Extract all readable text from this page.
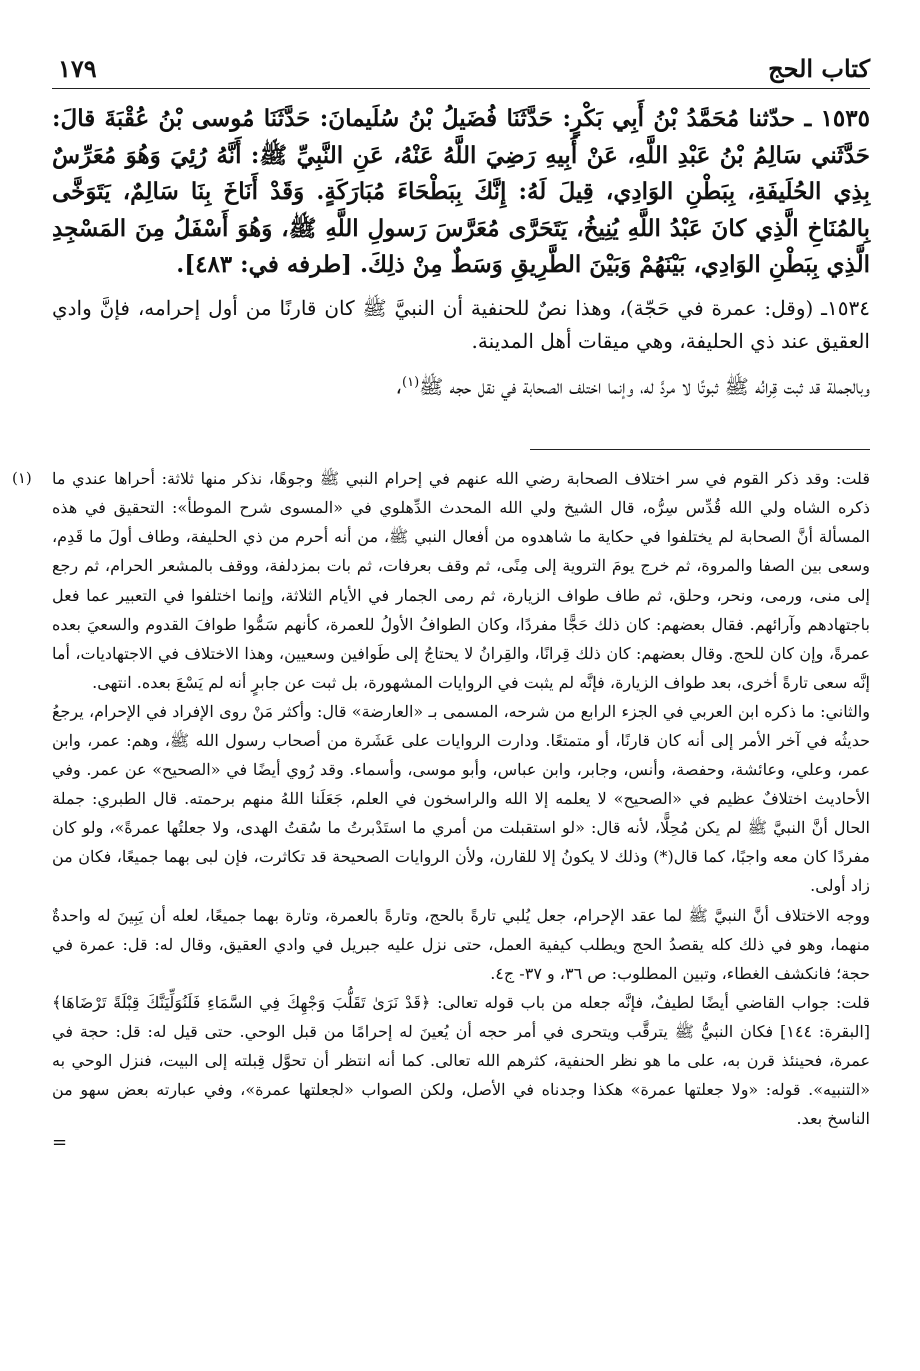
كتاب الحج
١٧٩

١٥٣٥ ـ حدّثنا مُحَمَّدُ بْنُ أَبِي بَكْرٍ: حَدَّثَنَا فُضَيلُ بْنُ سُلَيمانَ: حَدَّثَنَا مُوسى بْنُ عُقْبَةَ قالَ: حَدَّثَني سَالِمُ بْنُ عَبْدِ اللَّهِ، عَنْ أَبِيهِ رَضِيَ اللَّهُ عَنْهُ، عَنِ النَّبِيِّ ﷺ: أَنَّهُ رُئِيَ وَهُوَ مُعَرِّسٌ بِذِي الحُلَيفَةِ، بِبَطْنِ الوَادِي، قِيلَ لَهُ: إِنَّكَ بِبَطْحَاءَ مُبَارَكَةٍ. وَقَدْ أَنَاخَ بِنَا سَالِمٌ، يَتَوَخَّى بِالمُنَاخِ الَّذِي كانَ عَبْدُ اللَّهِ يُنِيخُ، يَتَحَرَّى مُعَرَّسَ رَسولِ اللَّهِ ﷺ، وَهُوَ أَسْفَلُ مِنَ المَسْجِدِ الَّذِي بِبَطْنِ الوَادِي، بَيْنَهُمْ وَبَيْنَ الطَّرِيقِ وَسَطٌ مِنْ ذلِكَ. [طرفه في: ٤٨٣].

١٥٣٤ـ (وقل: عمرة في حَجّة)، وهذا نصٌ للحنفية أن النبيَّ ﷺ كان قارنًا من أول إحرامه، فإنَّ وادي العقيق عند ذي الحليفة، وهي ميقات أهل المدينة.

وبالجملة قد ثبت قِرانُه ﷺ ثبوتًا لا مردَّ له، وإنما اختلف الصحابة في نقل حجه ﷺ$^{(١)}$،

(١) قلت: وقد ذكر القوم في سر اختلاف الصحابة رضي الله عنهم في إحرام النبي ﷺ وجوهًا، نذكر منها ثلاثة: أحراها عندي ما ذكره الشاه ولي الله قُدِّس سِرُّه، قال الشيخ ولي الله المحدث الدِّهلوي في «المسوى شرح الموطأ»: التحقيق في هذه المسألة أنَّ الصحابة لم يختلفوا في حكاية ما شاهدوه من أفعال النبي ﷺ، من أنه أحرم من ذي الحليفة، وطاف أولَ ما قَدِم، وسعى بين الصفا والمروة، ثم خرج يومَ التروية إلى مِنًى، ثم وقف بعرفات، ثم بات بمزدلفة، ووقف بالمشعر الحرام، ثم رجع إلى منى، ورمى، ونحر، وحلق، ثم طاف طواف الزيارة، ثم رمى الجمار في الأيام الثلاثة، وإنما اختلفوا في التعبير عما فعل باجتهادهم وآرائهم. فقال بعضهم: كان ذلك حَجًّا مفردًا، وكان الطوافُ الأولُ للعمرة، كأنهم سَمُّوا طوافَ القدوم والسعيَ بعده عمرةً، وإن كان للحج. وقال بعضهم: كان ذلك قِرانًا، والقِرانُ لا يحتاجُ إلى طَوافين وسعيين، وهذا الاختلاف في الاجتهاديات، أما إنَّه سعى تارةً أخرى، بعد طواف الزيارة، فإنَّه لم يثبت في الروايات المشهورة، بل ثبت عن جابرٍ أنه لم يَسْعَ بعده. انتهى.

والثاني: ما ذكره ابن العربي في الجزء الرابع من شرحه، المسمى بـ «العارضة» قال: وأكثر مَنْ روى الإفراد في الإحرام، يرجعُ حديثُه في آخر الأمر إلى أنه كان قارنًا، أو متمتعًا. ودارت الروايات على عَشَرة من أصحاب رسول الله ﷺ، وهم: عمر، وابن عمر، وعلي، وعائشة، وحفصة، وأنس، وجابر، وابن عباس، وأبو موسى، وأسماء. وقد رُوي أيضًا في «الصحيح» عن عمر. وفي الأحاديث اختلافٌ عظيم في «الصحيح» لا يعلمه إلا الله والراسخون في العلم، جَعَلَنا اللهُ منهم برحمته. قال الطبري: جملة الحال أنَّ النبيَّ ﷺ لم يكن مُحِلًّا، لأنه قال: «لو استقبلت من أمري ما استَدْبرتُ ما سُقتُ الهدى، ولا جعلتُها عمرةً»، ولو كان مفردًا كان معه واجبًا، كما قال(*) وذلك لا يكونُ إلا للقارن، ولأن الروايات الصحيحة قد تكاثرت، فإن لبى بهما جميعًا، فكان من زاد أولى.

ووجه الاختلاف أنَّ النبيَّ ﷺ لما عقد الإحرام، جعل يُلبي تارةً بالحج، وتارةً بالعمرة، وتارة بهما جميعًا، لعله أن يَبِينَ له واحدةٌ منهما، وهو في ذلك كله يقصدُ الحج ويطلب كيفية العمل، حتى نزل عليه جبريل في وادي العقيق، وقال له: قل: عمرة في حجة؛ فانكشف الغطاء، وتبين المطلوب: ص ٣٦، و ٣٧- ج٤.

قلت: جواب القاضي أيضًا لطيفٌ، فإنَّه جعله من باب قوله تعالى: ﴿قَدْ نَرَىٰ تَقَلُّبَ وَجْهِكَ فِي السَّمَاءِ فَلَنُوَلِّيَنَّكَ قِبْلَةً تَرْضَاهَا﴾ [البقرة: ١٤٤] فكان النبيُّ ﷺ يترقَّب ويتحرى في أمر حجه أن يُعينَ له إحرامًا من قبل الوحي. حتى قيل له: قل: حجة في عمرة، فحينئذ قرن به، على ما هو نظر الحنفية، كثرهم الله تعالى. كما أنه انتظر أن تحوَّل قِبلته إلى البيت، فنزل الوحي به «التنبيه». قوله: «ولا جعلتها عمرة» هكذا وجدناه في الأصل، ولكن الصواب «لجعلتها عمرة»، وفي عبارته بعض سهو من الناسخ بعد.

=
